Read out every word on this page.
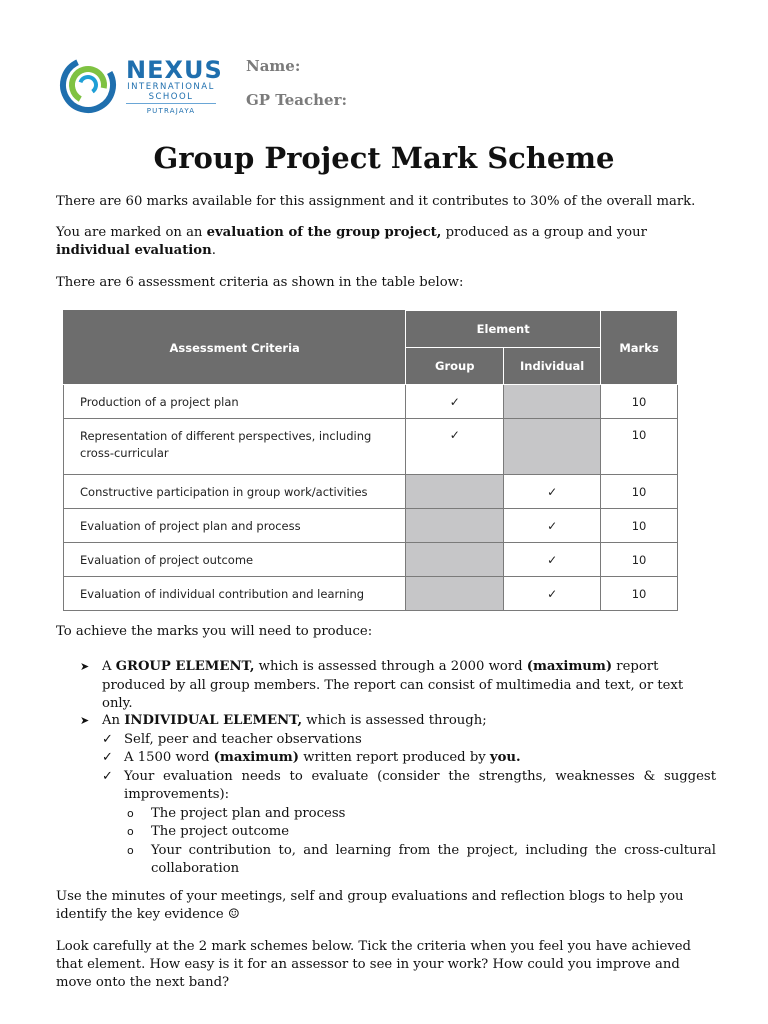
NEXUS
INTERNATIONAL
SCHOOL
PUTRAJAYA
Name:
GP Teacher:
Group Project Mark Scheme

There are 60 marks available for this assignment and it contributes to 30% of the overall mark.

You are marked on an evaluation of the group project, produced as a group and your individual evaluation.

There are 6 assessment criteria as shown in the table below:

Assessment Criteria	Element		Marks
	Group	Individual	
Production of a project plan	✓		10
Representation of different perspectives, including cross-curricular	✓		10
Constructive participation in group work/activities		✓	10
Evaluation of project plan and process		✓	10
Evaluation of project outcome		✓	10
Evaluation of individual contribution and learning		✓	10

To achieve the marks you will need to produce:

➤ A GROUP ELEMENT, which is assessed through a 2000 word (maximum) report produced by all group members. The report can consist of multimedia and text, or text only.
➤ An INDIVIDUAL ELEMENT, which is assessed through;
✓ Self, peer and teacher observations
✓ A 1500 word (maximum) written report produced by you.
✓ Your evaluation needs to evaluate (consider the strengths, weaknesses & suggest improvements):
o The project plan and process
o The project outcome
o Your contribution to, and learning from the project, including the cross-cultural collaboration

Use the minutes of your meetings, self and group evaluations and reflection blogs to help you identify the key evidence ☺

Look carefully at the 2 mark schemes below. Tick the criteria when you feel you have achieved that element. How easy is it for an assessor to see in your work? How could you improve and move onto the next band?
